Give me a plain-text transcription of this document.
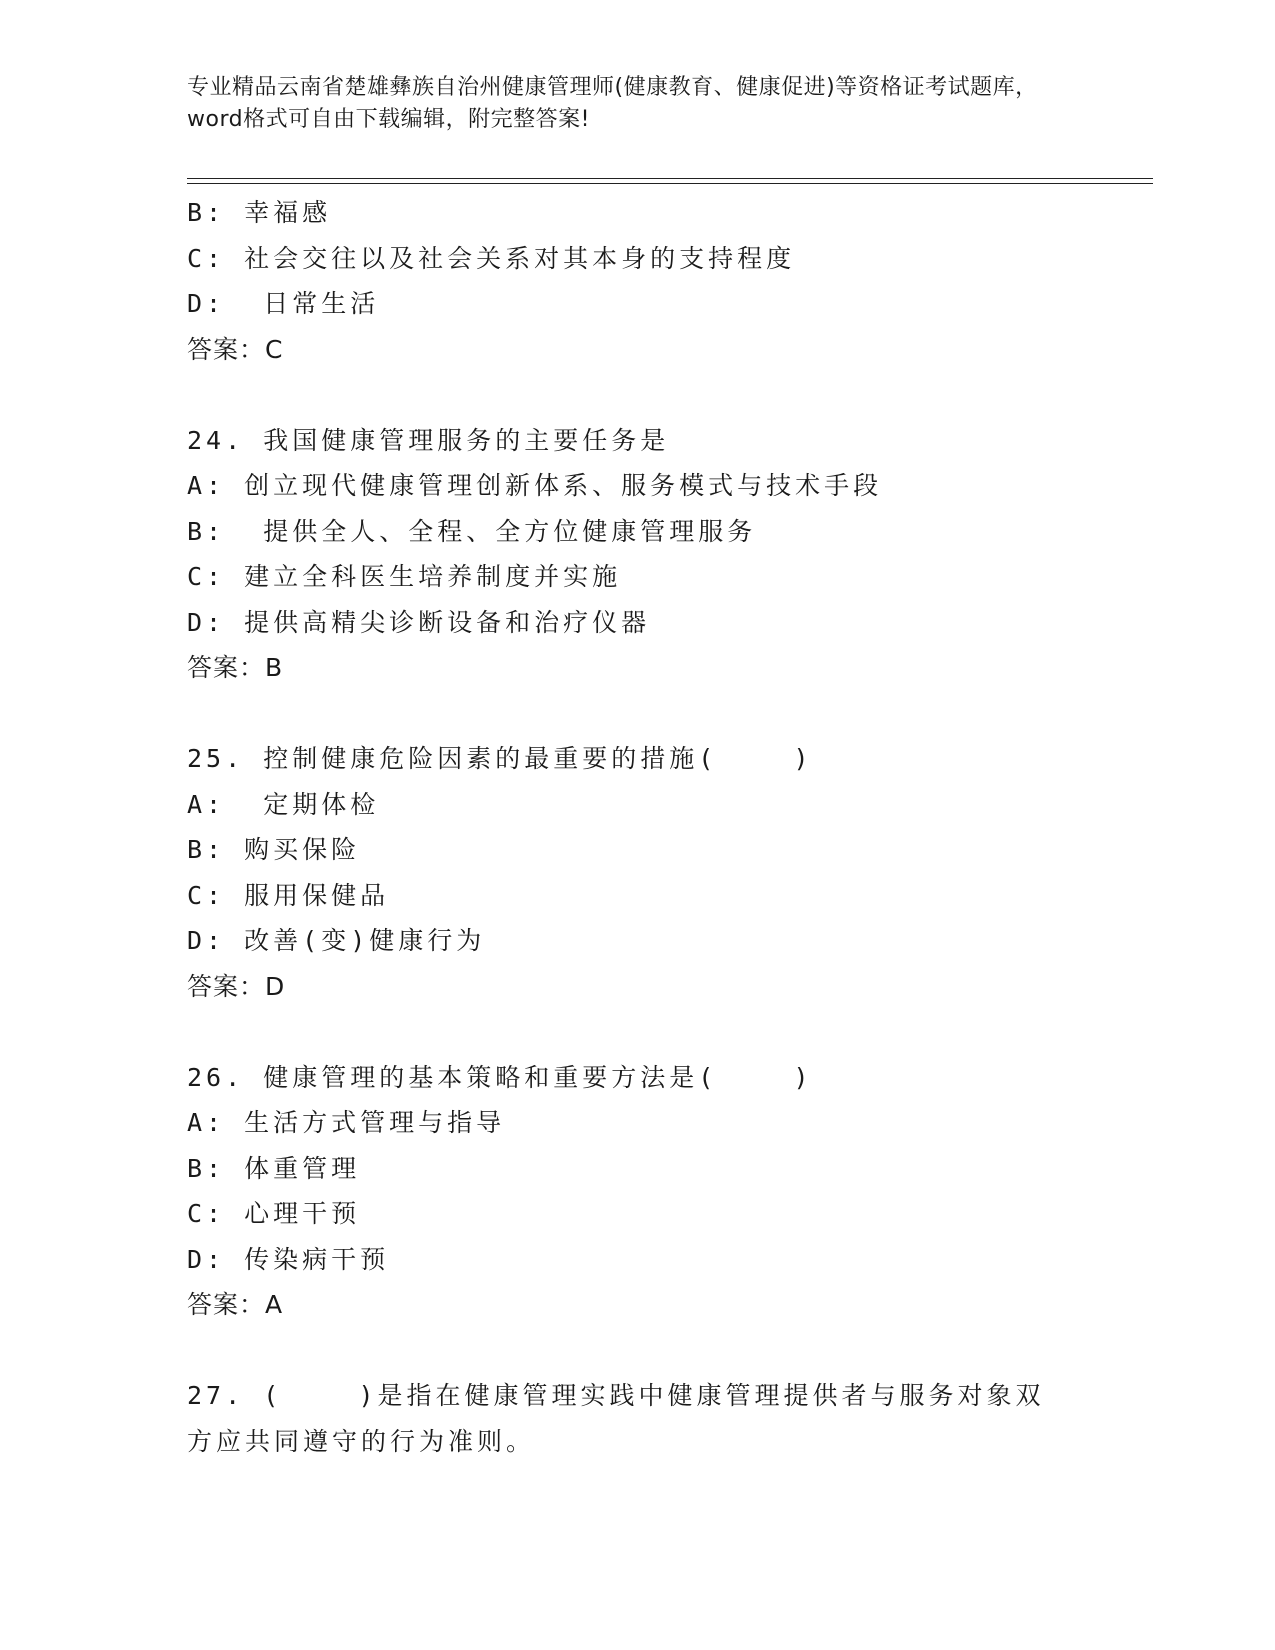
专业精品云南省楚雄彝族自治州健康管理师(健康教育、健康促进)等资格证考试题库，word格式可自由下载编辑，附完整答案!
B: 幸福感
C: 社会交往以及社会关系对其本身的支持程度
D:  日常生活
答案：C
24. 我国健康管理服务的主要任务是
A: 创立现代健康管理创新体系、服务模式与技术手段
B:  提供全人、全程、全方位健康管理服务
C: 建立全科医生培养制度并实施
D: 提供高精尖诊断设备和治疗仪器
答案：B
25. 控制健康危险因素的最重要的措施(    )
A:  定期体检
B: 购买保险
C: 服用保健品
D: 改善(变)健康行为
答案：D
26. 健康管理的基本策略和重要方法是(    )
A: 生活方式管理与指导
B: 体重管理
C: 心理干预
D: 传染病干预
答案：A
27. (    )是指在健康管理实践中健康管理提供者与服务对象双方应共同遵守的行为准则。
